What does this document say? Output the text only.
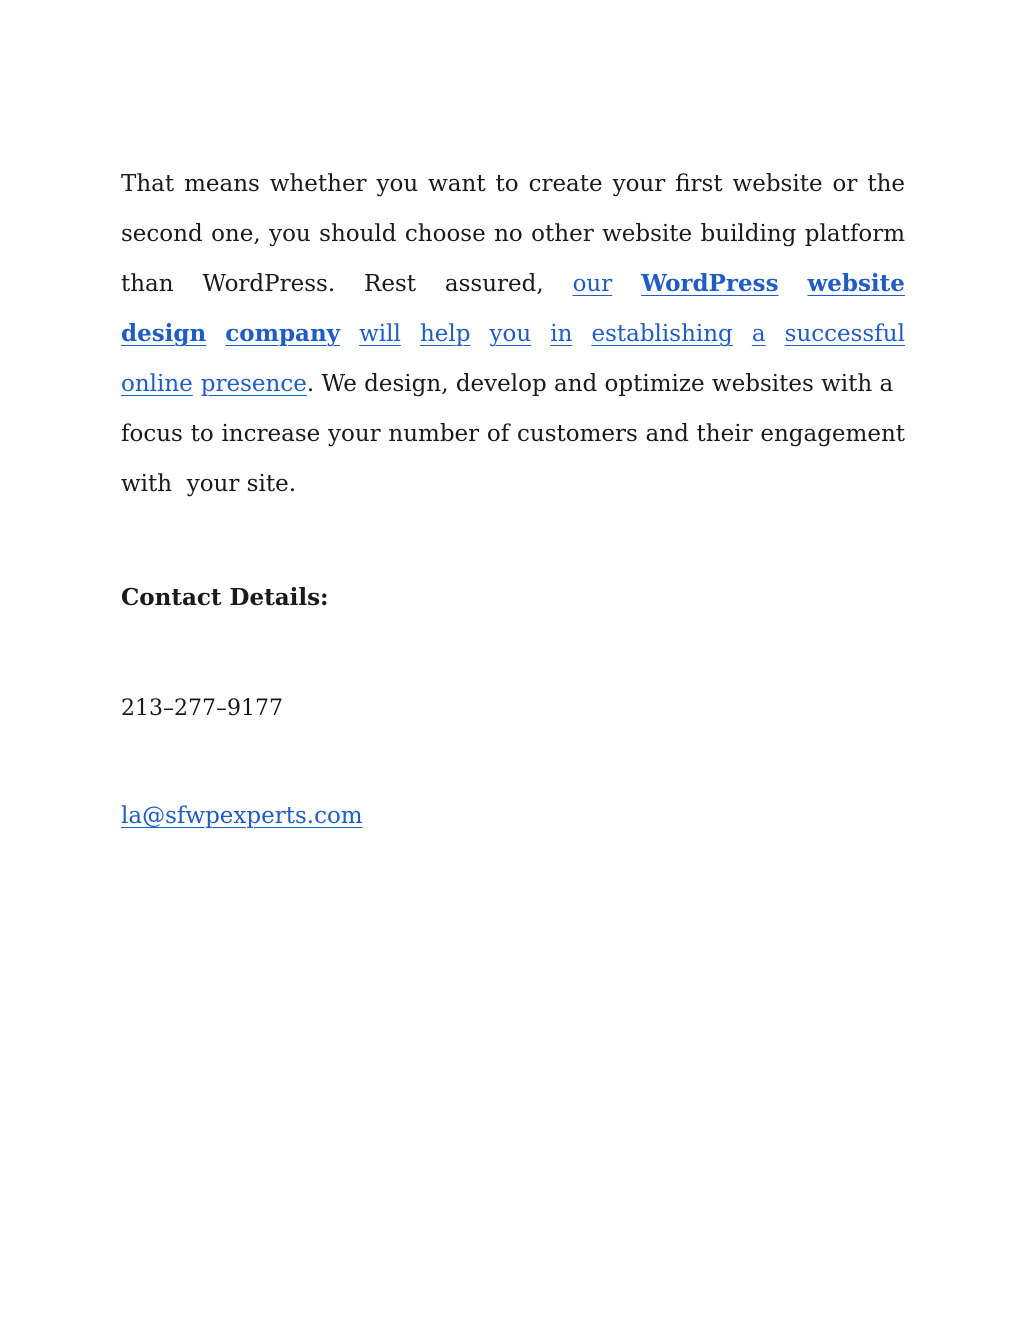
That means whether you want to create your first website or the
second one, you should choose no other website building platform
than WordPress. Rest assured, our WordPress website
design company will help you in establishing a successful
online presence. We design, develop and optimize websites with a
focus to increase your number of customers and their engagement
with  your site.
Contact Details:
213–277–9177
la@sfwpexperts.com
